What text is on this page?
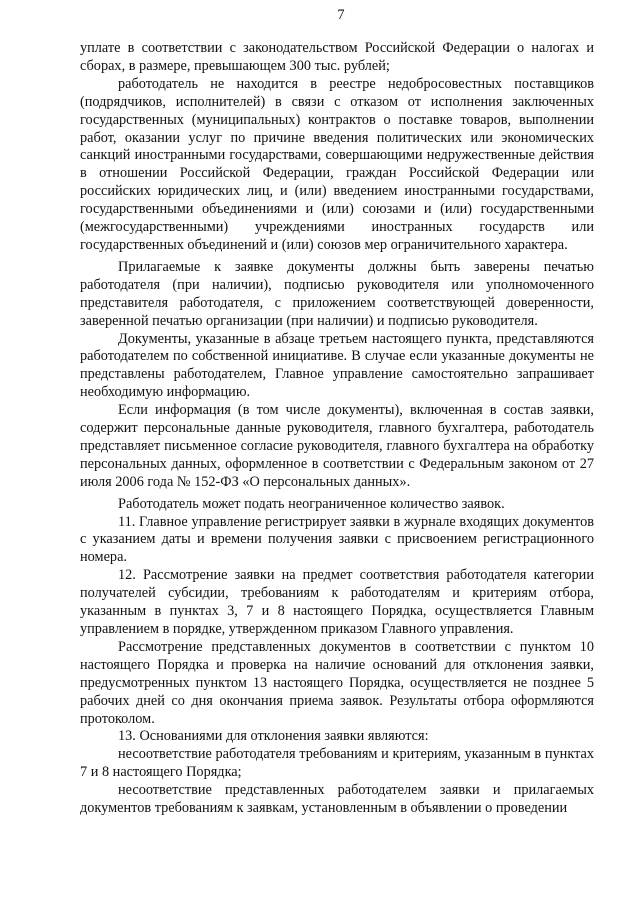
7

уплате в соответствии с законодательством Российской Федерации о налогах и сборах, в размере, превышающем 300 тыс. рублей;

работодатель не находится в реестре недобросовестных поставщиков (подрядчиков, исполнителей) в связи с отказом от исполнения заключенных государственных (муниципальных) контрактов о поставке товаров, выполнении работ, оказании услуг по причине введения политических или экономических санкций иностранными государствами, совершающими недружественные действия в отношении Российской Федерации, граждан Российской Федерации или российских юридических лиц, и (или) введением иностранными государствами, государственными объединениями и (или) союзами и (или) государственными (межгосударственными) учреждениями иностранных государств или государственных объединений и (или) союзов мер ограничительного характера.

Прилагаемые к заявке документы должны быть заверены печатью работодателя (при наличии), подписью руководителя или уполномоченного представителя работодателя, с приложением соответствующей доверенности, заверенной печатью организации (при наличии) и подписью руководителя.

Документы, указанные в абзаце третьем настоящего пункта, представляются работодателем по собственной инициативе. В случае если указанные документы не представлены работодателем, Главное управление самостоятельно запрашивает необходимую информацию.

Если информация (в том числе документы), включенная в состав заявки, содержит персональные данные руководителя, главного бухгалтера, работодатель представляет письменное согласие руководителя, главного бухгалтера на обработку персональных данных, оформленное в соответствии с Федеральным законом от 27 июля 2006 года № 152-ФЗ «О персональных данных».

Работодатель может подать неограниченное количество заявок.

11. Главное управление регистрирует заявки в журнале входящих документов с указанием даты и времени получения заявки с присвоением регистрационного номера.

12. Рассмотрение заявки на предмет соответствия работодателя категории получателей субсидии, требованиям к работодателям и критериям отбора, указанным в пунктах 3, 7 и 8 настоящего Порядка, осуществляется Главным управлением в порядке, утвержденном приказом Главного управления.

Рассмотрение представленных документов в соответствии с пунктом 10 настоящего Порядка и проверка на наличие оснований для отклонения заявки, предусмотренных пунктом 13 настоящего Порядка, осуществляется не позднее 5 рабочих дней со дня окончания приема заявок. Результаты отбора оформляются протоколом.

13. Основаниями для отклонения заявки являются:

несоответствие работодателя требованиям и критериям, указанным в пунктах 7 и 8 настоящего Порядка;

несоответствие представленных работодателем заявки и прилагаемых документов требованиям к заявкам, установленным в объявлении о проведении
